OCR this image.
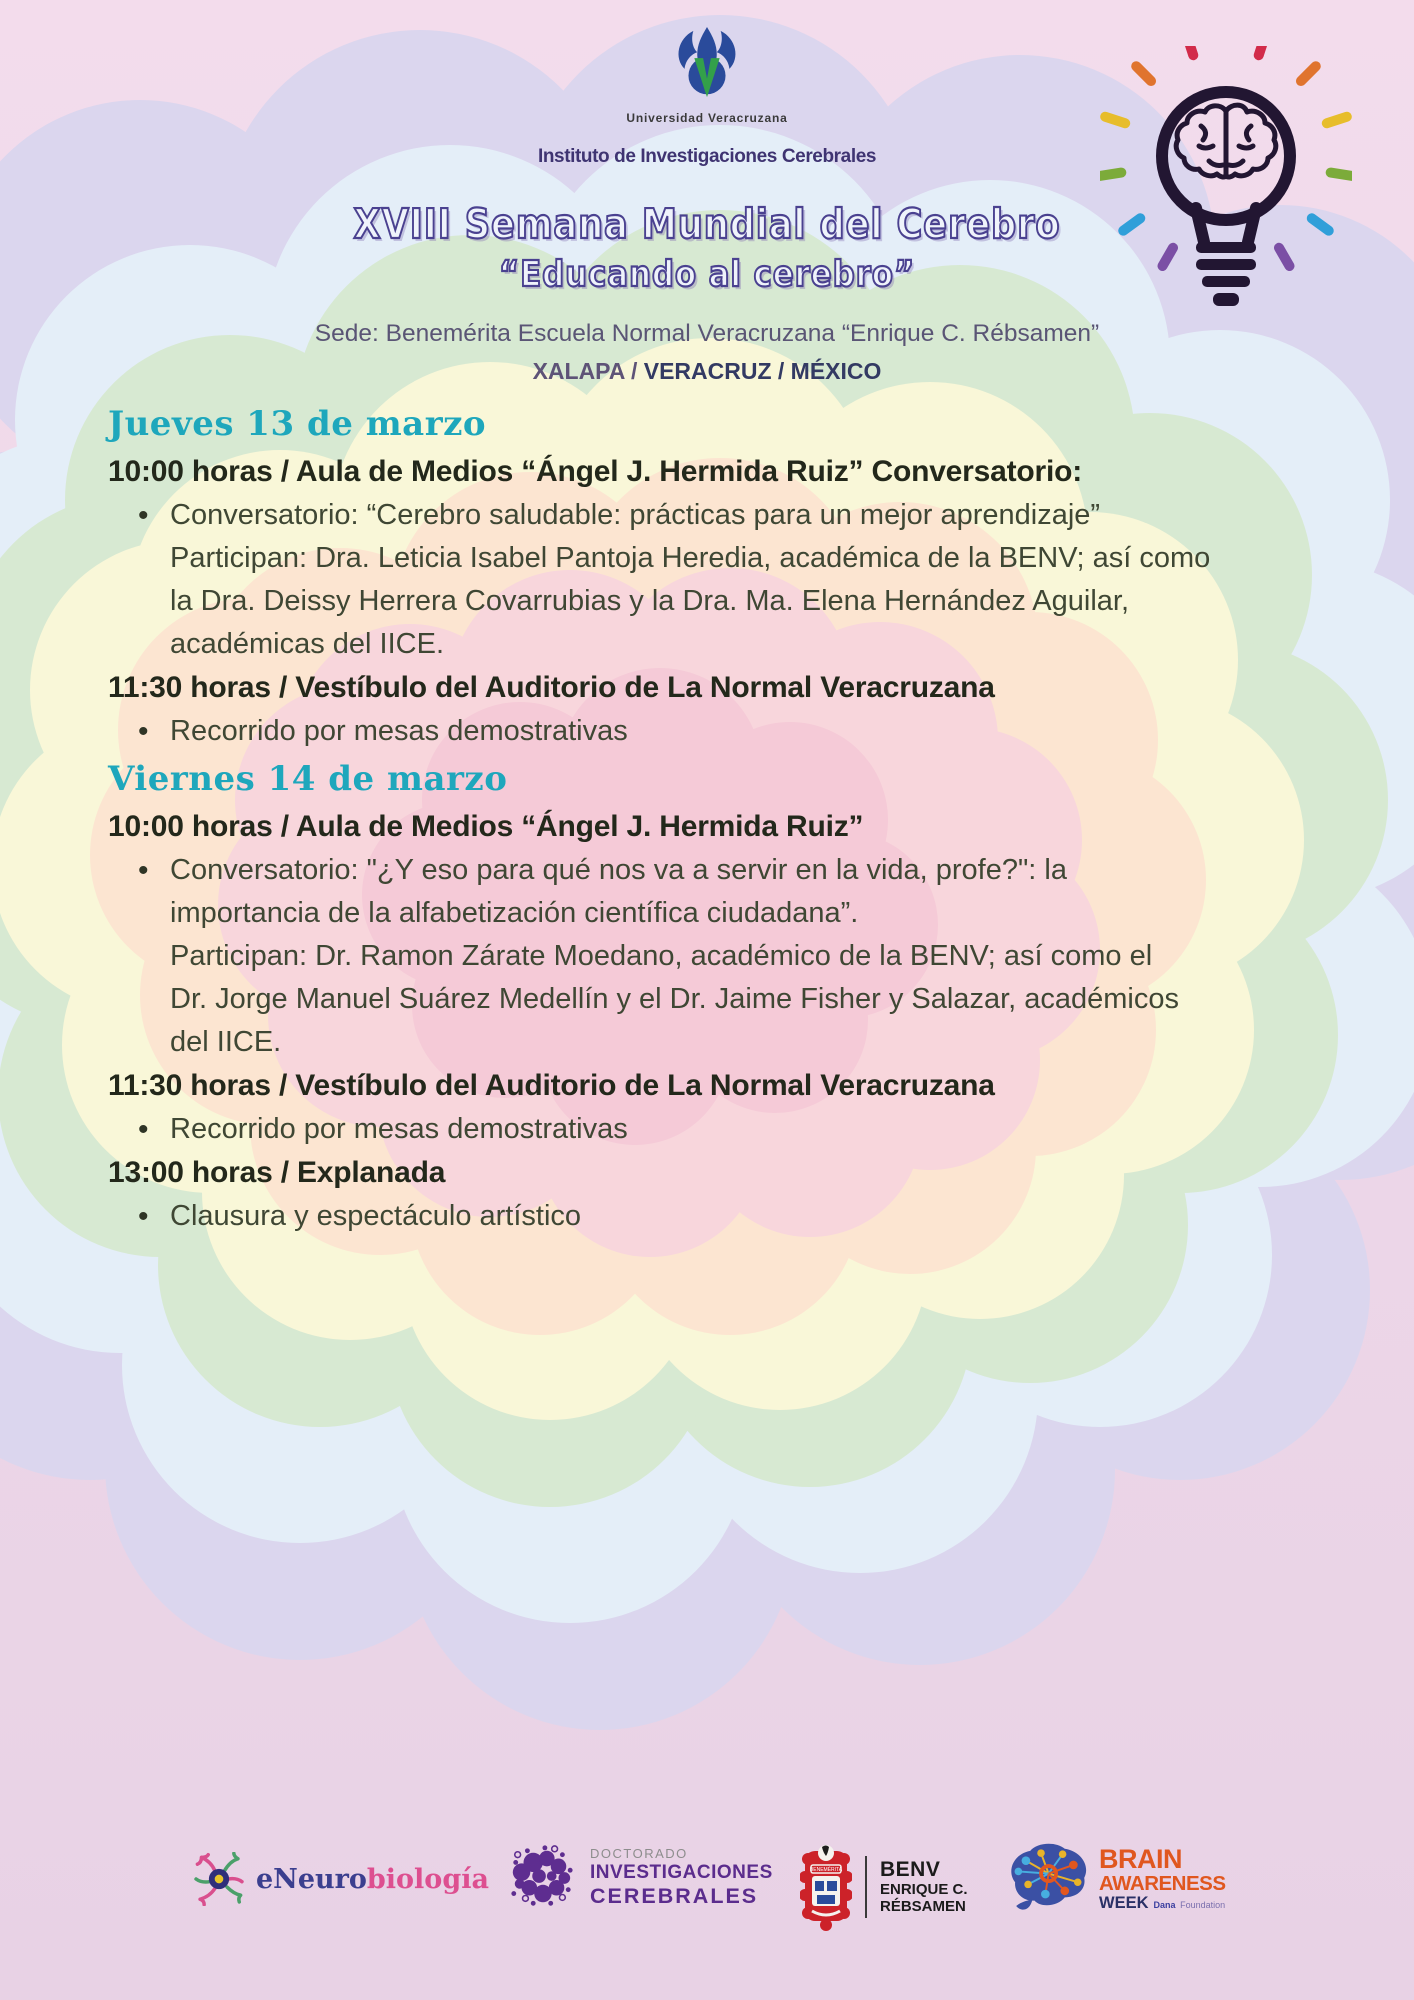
Universidad Veracruzana
Instituto de Investigaciones Cerebrales
XVIII Semana Mundial del Cerebro
“Educando al cerebro”
Sede: Benemérita Escuela Normal Veracruzana “Enrique C. Rébsamen”
XALAPA / VERACRUZ / MÉXICO
Jueves 13 de marzo
10:00 horas / Aula de Medios “Ángel J. Hermida Ruiz” Conversatorio:
• Conversatorio: “Cerebro saludable: prácticas para un mejor aprendizaje”
Participan: Dra. Leticia Isabel Pantoja Heredia, académica de la BENV; así como
la Dra. Deissy Herrera Covarrubias y la Dra. Ma. Elena Hernández Aguilar,
académicas del IICE.
11:30 horas / Vestíbulo del Auditorio de La Normal Veracruzana
• Recorrido por mesas demostrativas
Viernes 14 de marzo
10:00 horas / Aula de Medios “Ángel J. Hermida Ruiz”
• Conversatorio: "¿Y eso para qué nos va a servir en la vida, profe?": la
importancia de la alfabetización científica ciudadana”.
Participan: Dr. Ramon Zárate Moedano, académico de la BENV; así como el
Dr. Jorge Manuel Suárez Medellín y el Dr. Jaime Fisher y Salazar, académicos
del IICE.
11:30 horas / Vestíbulo del Auditorio de La Normal Veracruzana
• Recorrido por mesas demostrativas
13:00 horas / Explanada
• Clausura y espectáculo artístico
eNeurobiología
DOCTORADO
INVESTIGACIONES
CEREBRALES
BENEMÉRITA BENV
ENRIQUE C.
RÉBSAMEN
BRAIN
AWARENESS
WEEK Dana Foundation
